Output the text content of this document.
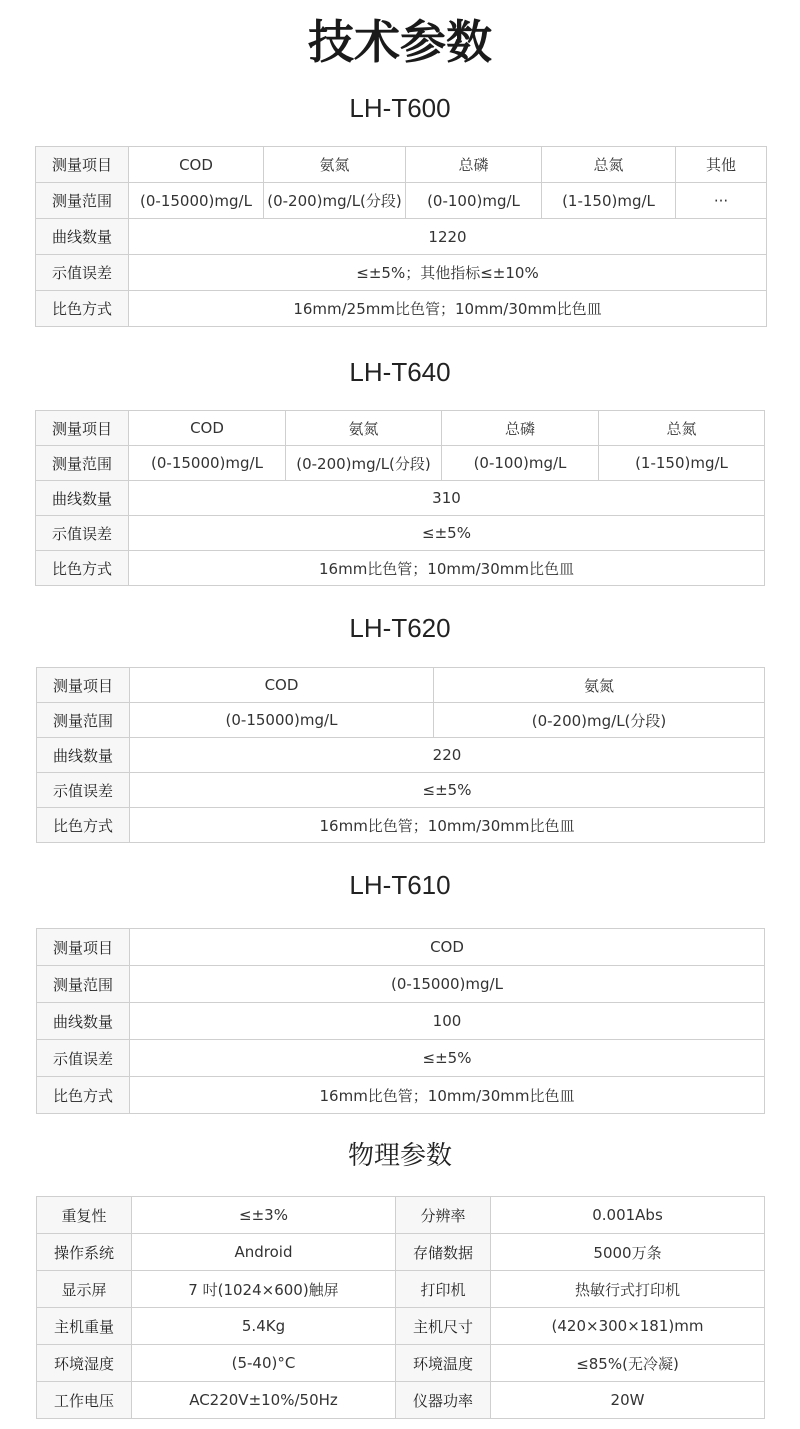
技术参数
LH-T600
测量项目	COD	氨氮	总磷	总氮	其他
测量范围	(0-15000)mg/L	(0-200)mg/L(分段)	(0-100)mg/L	(1-150)mg/L	···
曲线数量	1220				
示值误差	≤±5%；其他指标≤±10%				
比色方式	16mm/25mm比色管；10mm/30mm比色皿				
LH-T640
测量项目	COD	氨氮	总磷	总氮
测量范围	(0-15000)mg/L	(0-200)mg/L(分段)	(0-100)mg/L	(1-150)mg/L
曲线数量	310			
示值误差	≤±5%			
比色方式	16mm比色管；10mm/30mm比色皿			
LH-T620
测量项目	COD	氨氮
测量范围	(0-15000)mg/L	(0-200)mg/L(分段)
曲线数量	220	
示值误差	≤±5%	
比色方式	16mm比色管；10mm/30mm比色皿	
LH-T610
测量项目	COD
测量范围	(0-15000)mg/L
曲线数量	100
示值误差	≤±5%
比色方式	16mm比色管；10mm/30mm比色皿
物理参数
重复性	≤±3%	分辨率	0.001Abs
操作系统	Android	存储数据	5000万条
显示屏	7 吋(1024×600)触屏	打印机	热敏行式打印机
主机重量	5.4Kg	主机尺寸	(420×300×181)mm
环境湿度	(5-40)°C	环境温度	≤85%(无冷凝)
工作电压	AC220V±10%/50Hz	仪器功率	20W
